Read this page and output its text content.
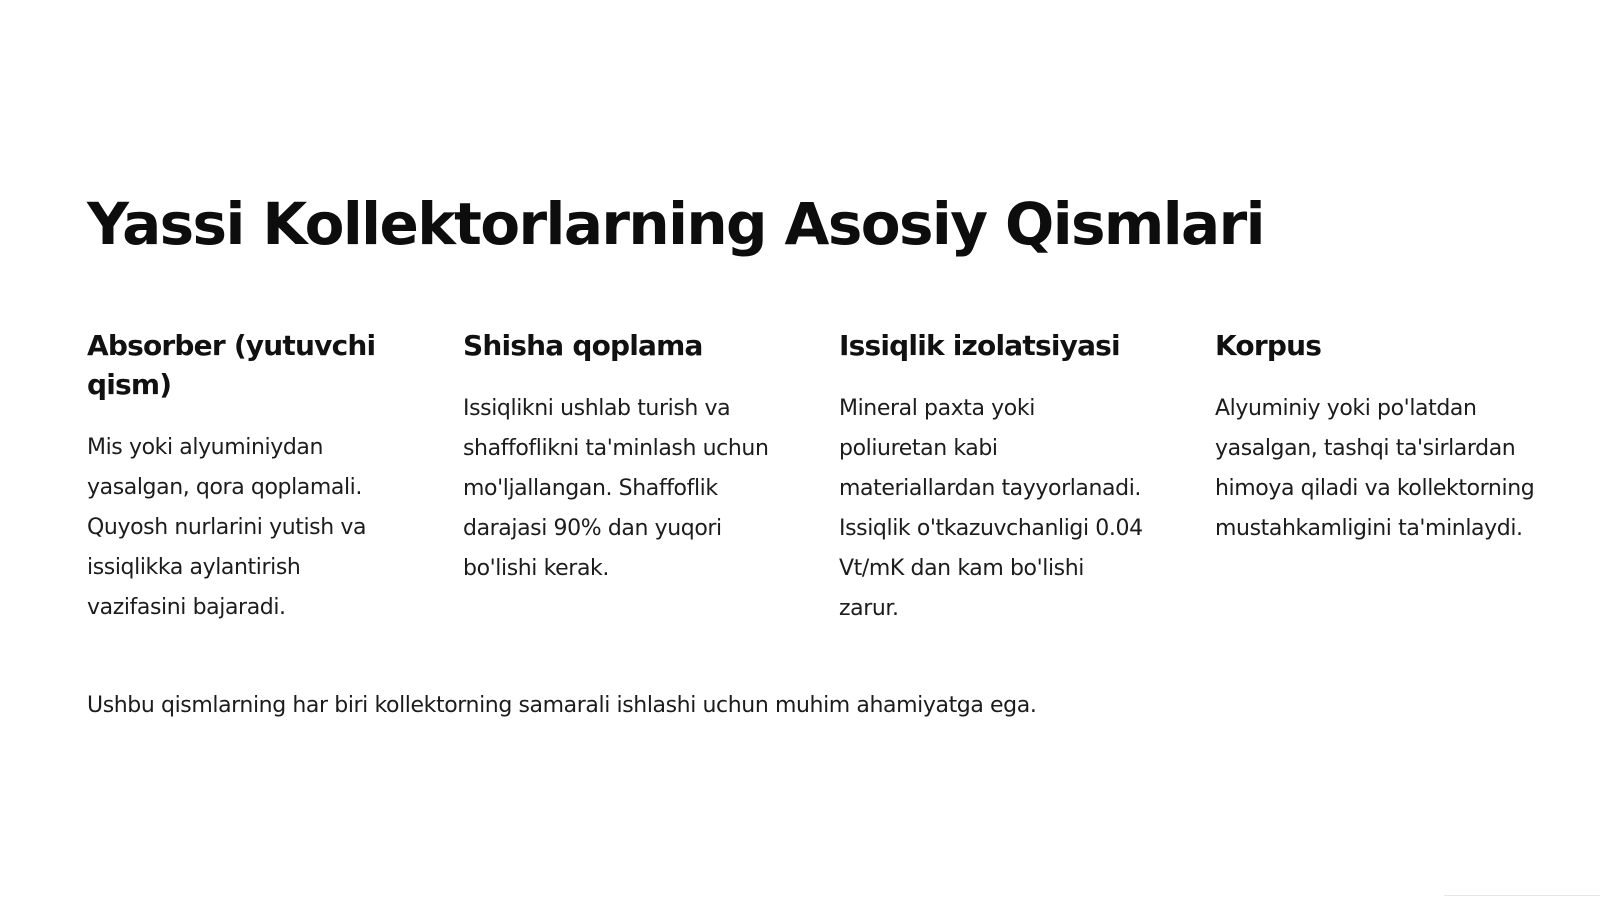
Yassi Kollektorlarning Asosiy Qismlari
Absorber (yutuvchi qism)

Mis yoki alyuminiydan yasalgan, qora qoplamali. Quyosh nurlarini yutish va issiqlikka aylantirish vazifasini bajaradi.

Shisha qoplama

Issiqlikni ushlab turish va shaffoflikni ta'minlash uchun mo'ljallangan. Shaffoflik darajasi 90% dan yuqori bo'lishi kerak.

Issiqlik izolatsiyasi

Mineral paxta yoki poliuretan kabi materiallardan tayyorlanadi. Issiqlik o'tkazuvchanligi 0.04 Vt/mK dan kam bo'lishi zarur.

Korpus

Alyuminiy yoki po'latdan yasalgan, tashqi ta'sirlardan himoya qiladi va kollektorning mustahkamligini ta'minlaydi.

Ushbu qismlarning har biri kollektorning samarali ishlashi uchun muhim ahamiyatga ega.
